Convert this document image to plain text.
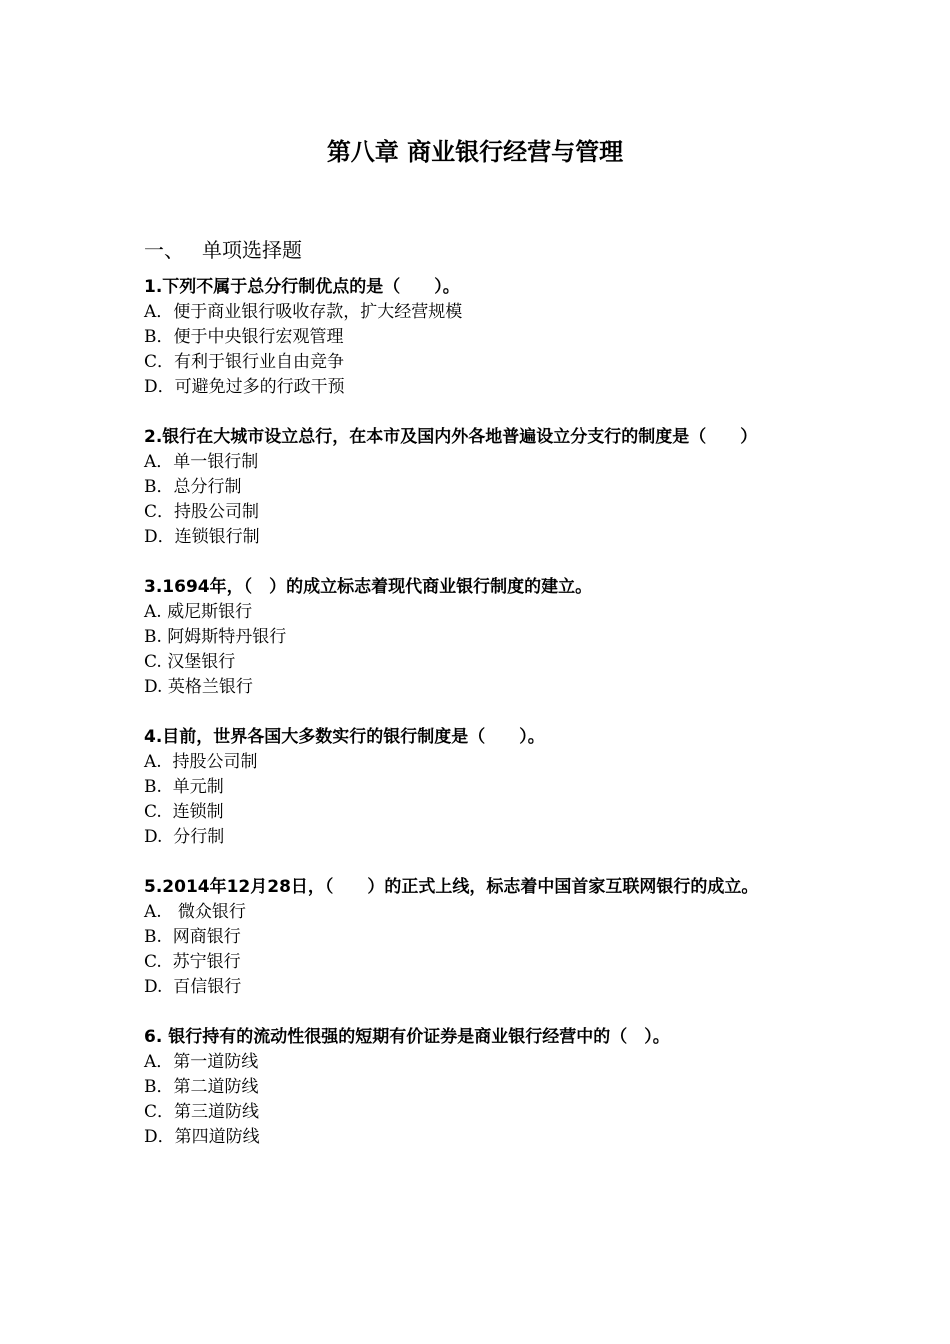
第八章 商业银行经营与管理
一、 单项选择题
1.下列不属于总分行制优点的是（　　）。
A．便于商业银行吸收存款，扩大经营规模
B．便于中央银行宏观管理
C．有利于银行业自由竞争
D．可避免过多的行政干预
2.银行在大城市设立总行，在本市及国内外各地普遍设立分支行的制度是（　　）
A．单一银行制
B．总分行制
C．持股公司制
D．连锁银行制
3.1694年，（　）的成立标志着现代商业银行制度的建立。
A. 威尼斯银行
B. 阿姆斯特丹银行
C. 汉堡银行
D. 英格兰银行
4.目前，世界各国大多数实行的银行制度是（　　）。
A.  持股公司制
B.  单元制
C.  连锁制
D.  分行制
5.2014年12月28日，（　　）的正式上线，标志着中国首家互联网银行的成立。
A.   微众银行
B.  网商银行
C.  苏宁银行
D.  百信银行
6. 银行持有的流动性很强的短期有价证券是商业银行经营中的（　）。
A．第一道防线
B．第二道防线
C．第三道防线
D．第四道防线
